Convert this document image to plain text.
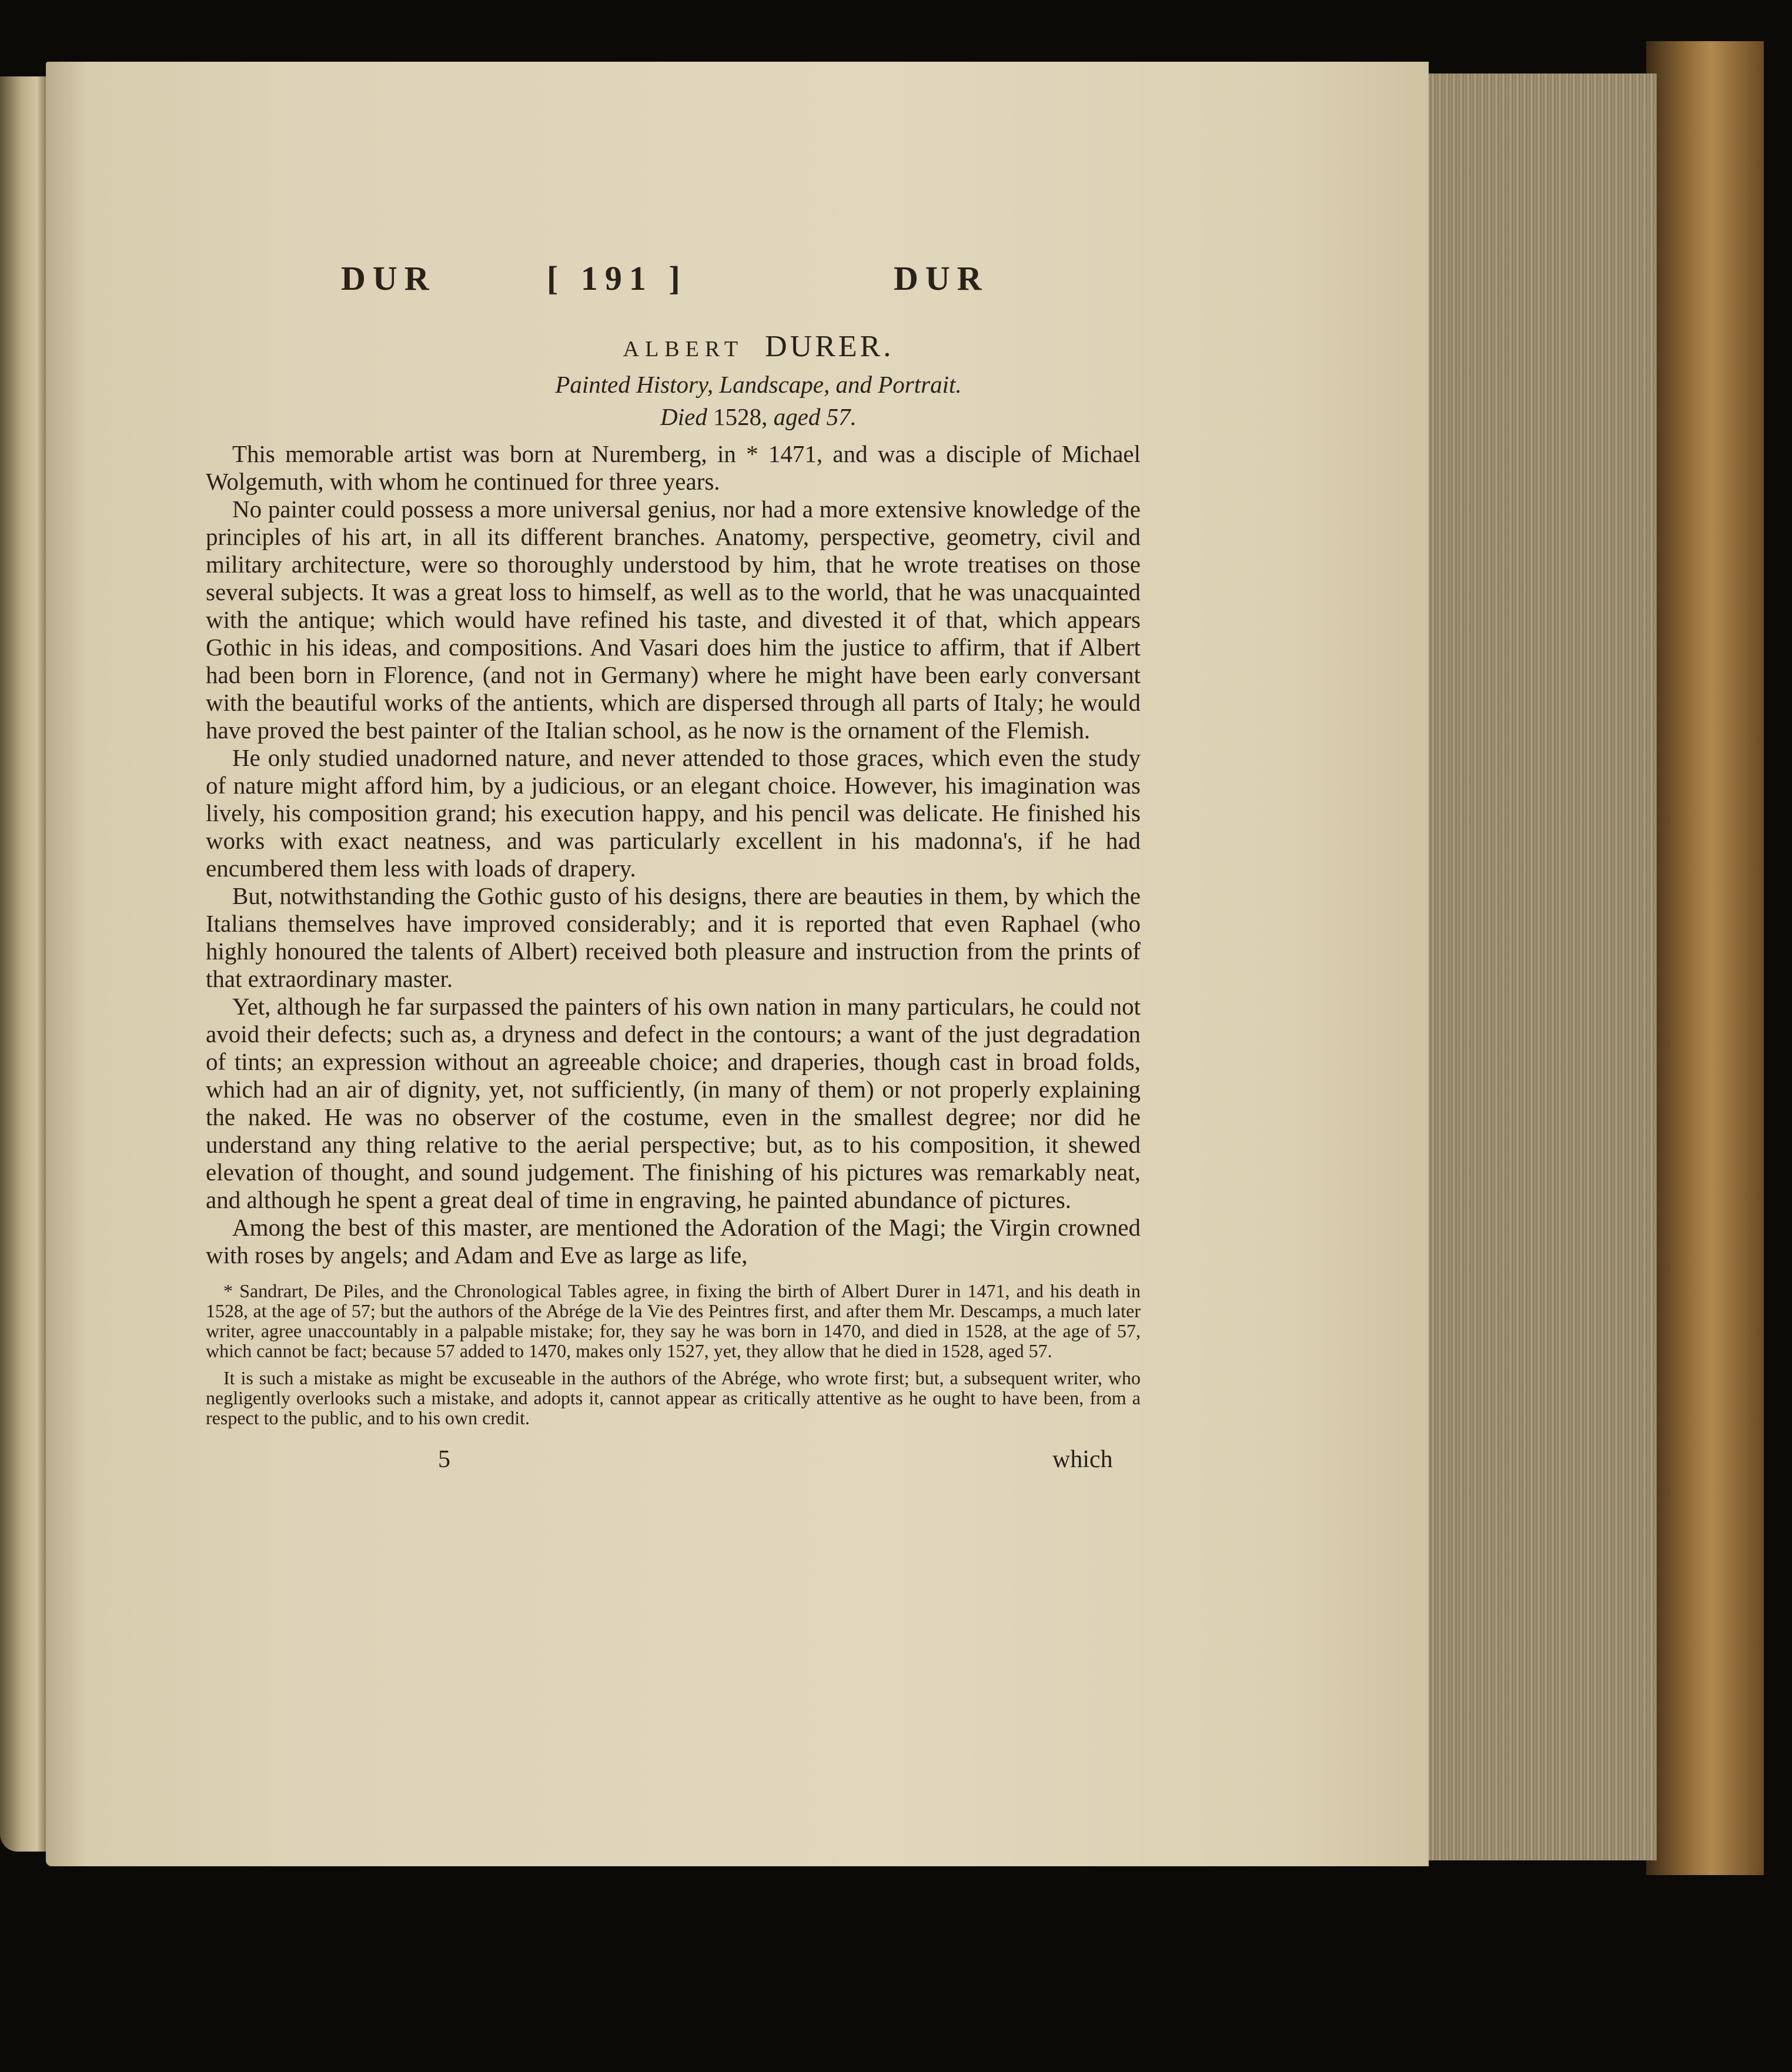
DUR	[ 191 ]	DUR
ALBERT DURER.
Painted History, Landscape, and Portrait.
Died 1528, aged 57.

This memorable artist was born at Nuremberg, in * 1471, and was a disciple of Michael Wolgemuth, with whom he continued for three years.

No painter could possess a more universal genius, nor had a more extensive knowledge of the principles of his art, in all its different branches. Anatomy, perspective, geometry, civil and military architecture, were so thoroughly understood by him, that he wrote treatises on those several subjects. It was a great loss to himself, as well as to the world, that he was unacquainted with the antique; which would have refined his taste, and divested it of that, which appears Gothic in his ideas, and compositions. And Vasari does him the justice to affirm, that if Albert had been born in Florence, (and not in Germany) where he might have been early conversant with the beautiful works of the antients, which are dispersed through all parts of Italy; he would have proved the best painter of the Italian school, as he now is the ornament of the Flemish.

He only studied unadorned nature, and never attended to those graces, which even the study of nature might afford him, by a judicious, or an elegant choice. However, his imagination was lively, his composition grand; his execution happy, and his pencil was delicate. He finished his works with exact neatness, and was particularly excellent in his madonna's, if he had encumbered them less with loads of drapery.

But, notwithstanding the Gothic gusto of his designs, there are beauties in them, by which the Italians themselves have improved considerably; and it is reported that even Raphael (who highly honoured the talents of Albert) received both pleasure and instruction from the prints of that extraordinary master.

Yet, although he far surpassed the painters of his own nation in many particulars, he could not avoid their defects; such as, a dryness and defect in the contours; a want of the just degradation of tints; an expression without an agreeable choice; and draperies, though cast in broad folds, which had an air of dignity, yet, not sufficiently, (in many of them) or not properly explaining the naked. He was no observer of the costume, even in the smallest degree; nor did he understand any thing relative to the aerial perspective; but, as to his composition, it shewed elevation of thought, and sound judgement. The finishing of his pictures was remarkably neat, and although he spent a great deal of time in engraving, he painted abundance of pictures.

Among the best of this master, are mentioned the Adoration of the Magi; the Virgin crowned with roses by angels; and Adam and Eve as large as life,

* Sandrart, De Piles, and the Chronological Tables agree, in fixing the birth of Albert Durer in 1471, and his death in 1528, at the age of 57; but the authors of the Abrége de la Vie des Peintres first, and after them Mr. Descamps, a much later writer, agree unaccountably in a palpable mistake; for, they say he was born in 1470, and died in 1528, at the age of 57, which cannot be fact; because 57 added to 1470, makes only 1527, yet, they allow that he died in 1528, aged 57.

It is such a mistake as might be excuseable in the authors of the Abrége, who wrote first; but, a subsequent writer, who negligently overlooks such a mistake, and adopts it, cannot appear as critically attentive as he ought to have been, from a respect to the public, and to his own credit.

5	which
